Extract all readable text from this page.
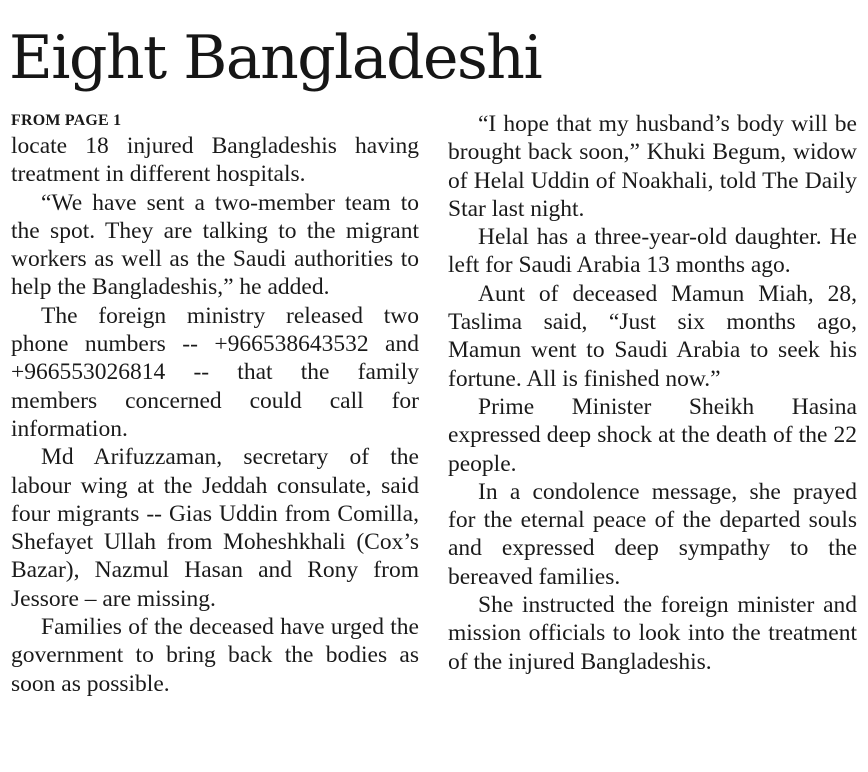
Eight Bangladeshi
FROM PAGE 1

locate 18 injured Bangladeshis having treatment in different hospitals.

“We have sent a two-member team to the spot. They are talking to the migrant workers as well as the Saudi authorities to help the Bangladeshis,” he added.

The foreign ministry released two phone numbers -- +966538643532 and +966553026814 -- that the family members concerned could call for information.

Md Arifuzzaman, secretary of the labour wing at the Jeddah consulate, said four migrants -- Gias Uddin from Comilla, Shefayet Ullah from Moheshkhali (Cox’s Bazar), Nazmul Hasan and Rony from Jessore – are missing.

Families of the deceased have urged the government to bring back the bodies as soon as possible.

“I hope that my husband’s body will be brought back soon,” Khuki Begum, widow of Helal Uddin of Noakhali, told The Daily Star last night.

Helal has a three-year-old daughter. He left for Saudi Arabia 13 months ago.

Aunt of deceased Mamun Miah, 28, Taslima said, “Just six months ago, Mamun went to Saudi Arabia to seek his fortune. All is finished now.”

Prime Minister Sheikh Hasina expressed deep shock at the death of the 22 people.

In a condolence message, she prayed for the eternal peace of the departed souls and expressed deep sympathy to the bereaved families.

She instructed the foreign minister and mission officials to look into the treatment of the injured Bangladeshis.
